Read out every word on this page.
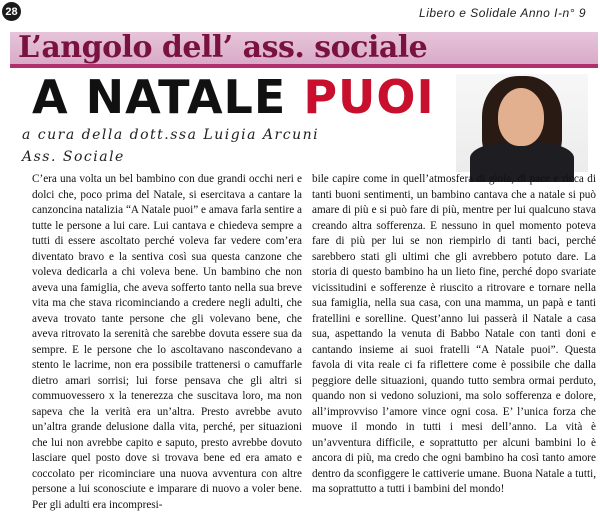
28	Libero e Solidale Anno I-n° 9
L’angolo dell’ ass. sociale
A NATALE PUOI
a cura della dott.ssa Luigia Arcuni
Ass. Sociale

C’era una volta un bel bambino con due grandi occhi neri e dolci che, poco prima del Natale, si esercitava a cantare la canzoncina natalizia “A Natale puoi” e amava farla sentire a tutte le persone a lui care. Lui cantava e chiedeva sempre a tutti di essere ascoltato perché voleva far vedere com’era diventato bravo e la sentiva così sua questa canzone che voleva dedicarla a chi voleva bene. Un bambino che non aveva una famiglia, che aveva sofferto tanto nella sua breve vita ma che stava ricominciando a credere negli adulti, che aveva trovato tante persone che gli volevano bene, che aveva ritrovato la serenità che sarebbe dovuta essere sua da sempre. E le persone che lo ascoltavano nascondevano a stento le lacrime, non era possibile trattenersi o camuffarle dietro amari sorrisi; lui forse pensava che gli altri si commuovessero x la tenerezza che suscitava loro, ma non sapeva che la verità era un’altra. Presto avrebbe avuto un’altra grande delusione dalla vita, perché, per situazioni che lui non avrebbe capito e saputo, presto avrebbe dovuto lasciare quel posto dove si trovava bene ed era amato e coccolato per ricominciare una nuova avventura con altre persone a lui sconosciute e imparare di nuovo a voler bene. Per gli adulti era incompresi-

bile capire come in quell’atmosfera di gioia, di pace e ricca di tanti buoni sentimenti, un bambino cantava che a natale si può amare di più e si può fare di più, mentre per lui qualcuno stava creando altra sofferenza. E nessuno in quel momento poteva fare di più per lui se non riempirlo di tanti baci, perché sarebbero stati gli ultimi che gli avrebbero potuto dare. La storia di questo bambino ha un lieto fine, perché dopo svariate vicissitudini e sofferenze è riuscito a ritrovare e tornare nella sua famiglia, nella sua casa, con una mamma, un papà e tanti fratellini e sorelline. Quest’anno lui passerà il Natale a casa sua, aspettando la venuta di Babbo Natale con tanti doni e cantando insieme ai suoi fratelli “A Natale puoi”. Questa favola di vita reale ci fa riflettere come è possibile che dalla peggiore delle situazioni, quando tutto sembra ormai perduto, quando non si vedono soluzioni, ma solo sofferenza e dolore, all’improvviso l’amore vince ogni cosa. E’ l’unica forza che muove il mondo in tutti i mesi dell’anno. La vità è un’avventura difficile, e soprattutto per alcuni bambini lo è ancora di più, ma credo che ogni bambino ha così tanto amore dentro da sconfiggere le cattiverie umane. Buona Natale a tutti, ma soprattutto a tutti i bambini del mondo!
